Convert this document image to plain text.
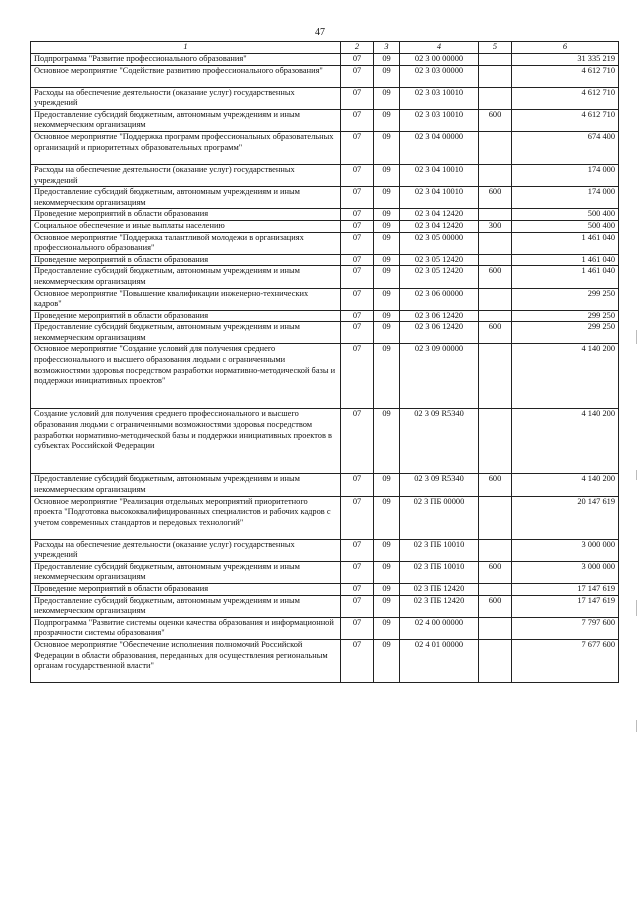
47
1	2	3	4	5	6
Подпрограмма "Развитие профессионального образования"	07	09	02 3 00 00000		31 335 219
Основное мероприятие "Содействие развитию профессионального образования"	07	09	02 3 03 00000		4 612 710
Расходы на обеспечение деятельности (оказание услуг) государственных учреждений	07	09	02 3 03 10010		4 612 710
Предоставление субсидий бюджетным, автономным учреждениям и иным некоммерческим организациям	07	09	02 3 03 10010	600	4 612 710
Основное мероприятие "Поддержка программ профессиональных образовательных организаций и приоритетных образовательных программ"	07	09	02 3 04 00000		674 400
Расходы на обеспечение деятельности (оказание услуг) государственных учреждений	07	09	02 3 04 10010		174 000
Предоставление субсидий бюджетным, автономным учреждениям и иным некоммерческим организациям	07	09	02 3 04 10010	600	174 000
Проведение мероприятий в области образования	07	09	02 3 04 12420		500 400
Социальное обеспечение и иные выплаты населению	07	09	02 3 04 12420	300	500 400
Основное мероприятие "Поддержка талантливой молодежи в организациях профессионального образования"	07	09	02 3 05 00000		1 461 040
Проведение мероприятий в области образования	07	09	02 3 05 12420		1 461 040
Предоставление субсидий бюджетным, автономным учреждениям и иным некоммерческим организациям	07	09	02 3 05 12420	600	1 461 040
Основное мероприятие "Повышение квалификации инженерно-технических кадров"	07	09	02 3 06 00000		299 250
Проведение мероприятий в области образования	07	09	02 3 06 12420		299 250
Предоставление субсидий бюджетным, автономным учреждениям и иным некоммерческим организациям	07	09	02 3 06 12420	600	299 250
Основное мероприятие "Создание условий для получения среднего профессионального и высшего образования людьми с ограниченными возможностями здоровья посредством разработки нормативно-методической базы и поддержки инициативных проектов"	07	09	02 3 09 00000		4 140 200
Создание условий для получения среднего профессионального и высшего образования людьми с ограниченными возможностями здоровья посредством разработки нормативно-методической базы и поддержки инициативных проектов в субъектах Российской Федерации	07	09	02 3 09 R5340		4 140 200
Предоставление субсидий бюджетным, автономным учреждениям и иным некоммерческим организациям	07	09	02 3 09 R5340	600	4 140 200
Основное мероприятие "Реализация отдельных мероприятий приоритетного проекта "Подготовка высококвалифицированных специалистов и рабочих кадров с учетом современных стандартов и передовых технологий"	07	09	02 3 ПБ 00000		20 147 619
Расходы на обеспечение деятельности (оказание услуг) государственных учреждений	07	09	02 3 ПБ 10010		3 000 000
Предоставление субсидий бюджетным, автономным учреждениям и иным некоммерческим организациям	07	09	02 3 ПБ 10010	600	3 000 000
Проведение мероприятий в области образования	07	09	02 3 ПБ 12420		17 147 619
Предоставление субсидий бюджетным, автономным учреждениям и иным некоммерческим организациям	07	09	02 3 ПБ 12420	600	17 147 619
Подпрограмма "Развитие системы оценки качества образования и информационной прозрачности системы образования"	07	09	02 4 00 00000		7 797 600
Основное мероприятие "Обеспечение исполнения полномочий Российской Федерации в области образования, переданных для осуществления региональным органам государственной власти"	07	09	02 4 01 00000		7 677 600
